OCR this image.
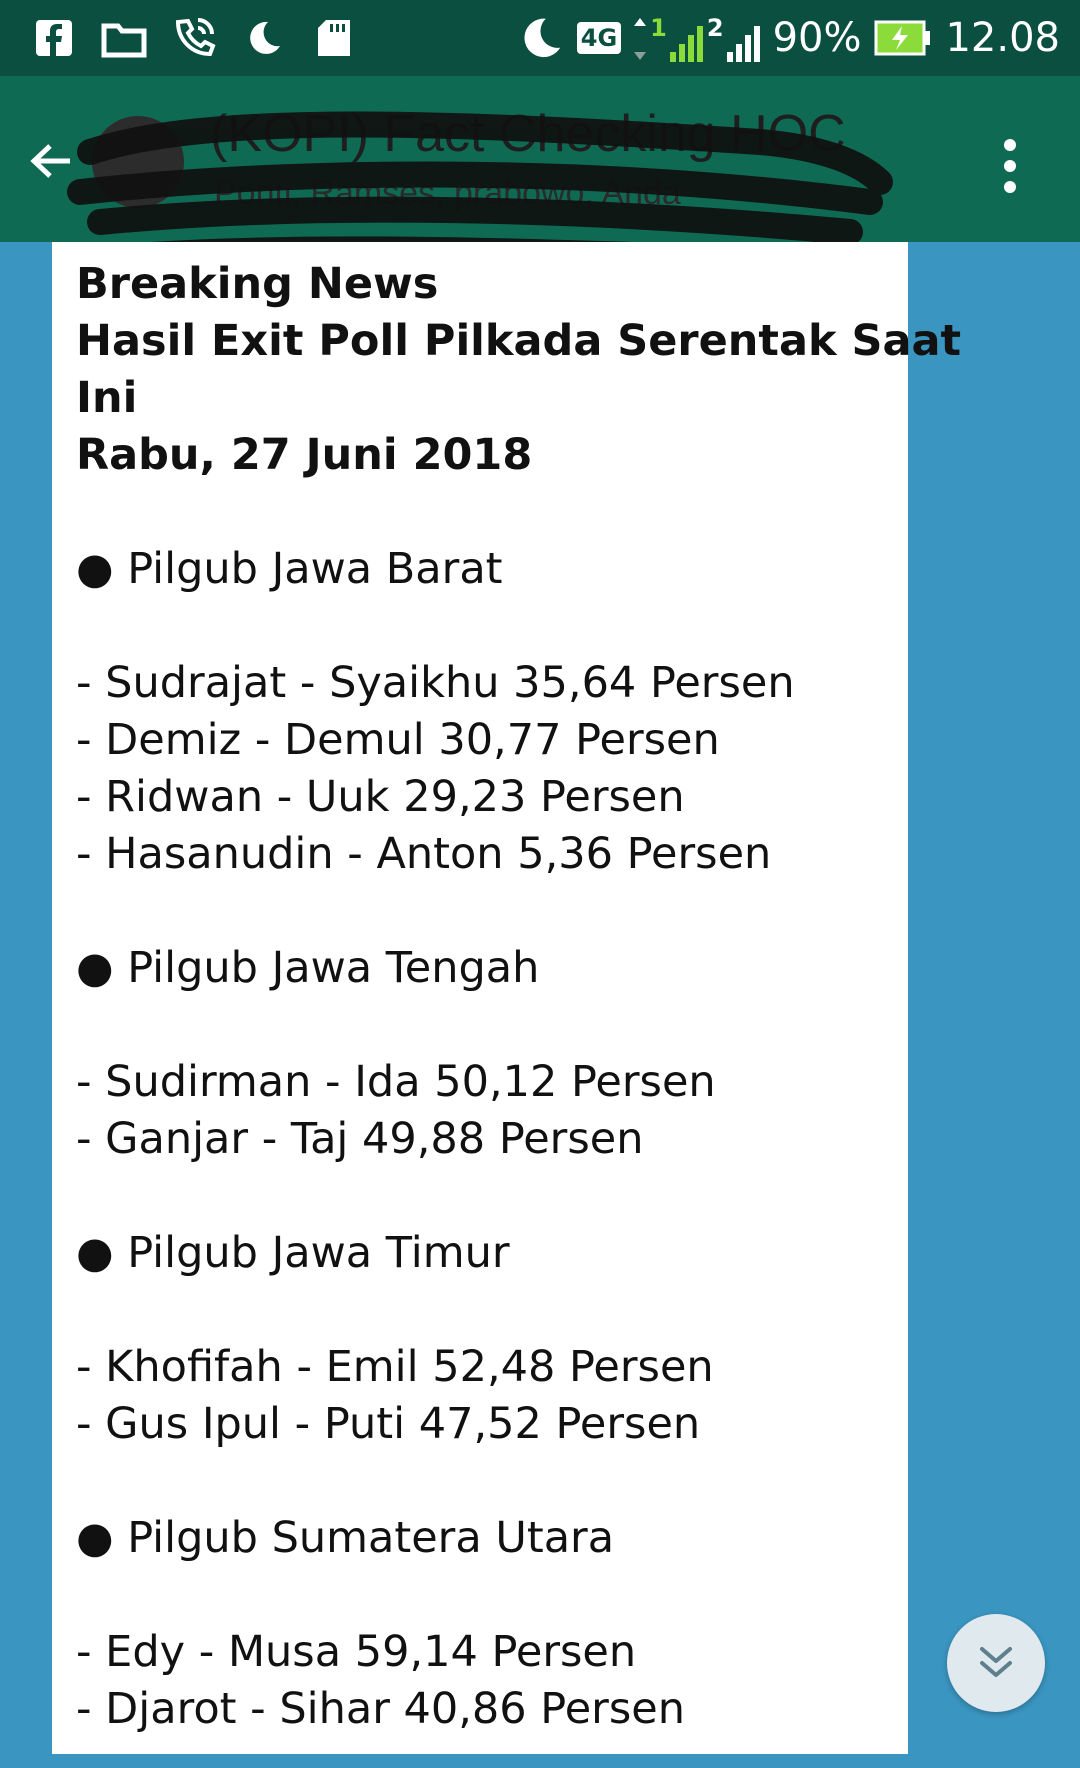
4G 1 2 90% 12.08
(KOPI) Fact Checking HOC
Ponti, Ramses, prabowo, Anda
Breaking News
Hasil Exit Poll Pilkada Serentak Saat
Ini
Rabu, 27 Juni 2018
● Pilgub Jawa Barat
- Sudrajat - Syaikhu 35,64 Persen
- Demiz - Demul 30,77 Persen
- Ridwan - Uuk 29,23 Persen
- Hasanudin - Anton 5,36 Persen
● Pilgub Jawa Tengah
- Sudirman - Ida 50,12 Persen
- Ganjar - Taj 49,88 Persen
● Pilgub Jawa Timur
- Khofifah - Emil 52,48 Persen
- Gus Ipul - Puti 47,52 Persen
● Pilgub Sumatera Utara
- Edy - Musa 59,14 Persen
- Djarot - Sihar 40,86 Persen
